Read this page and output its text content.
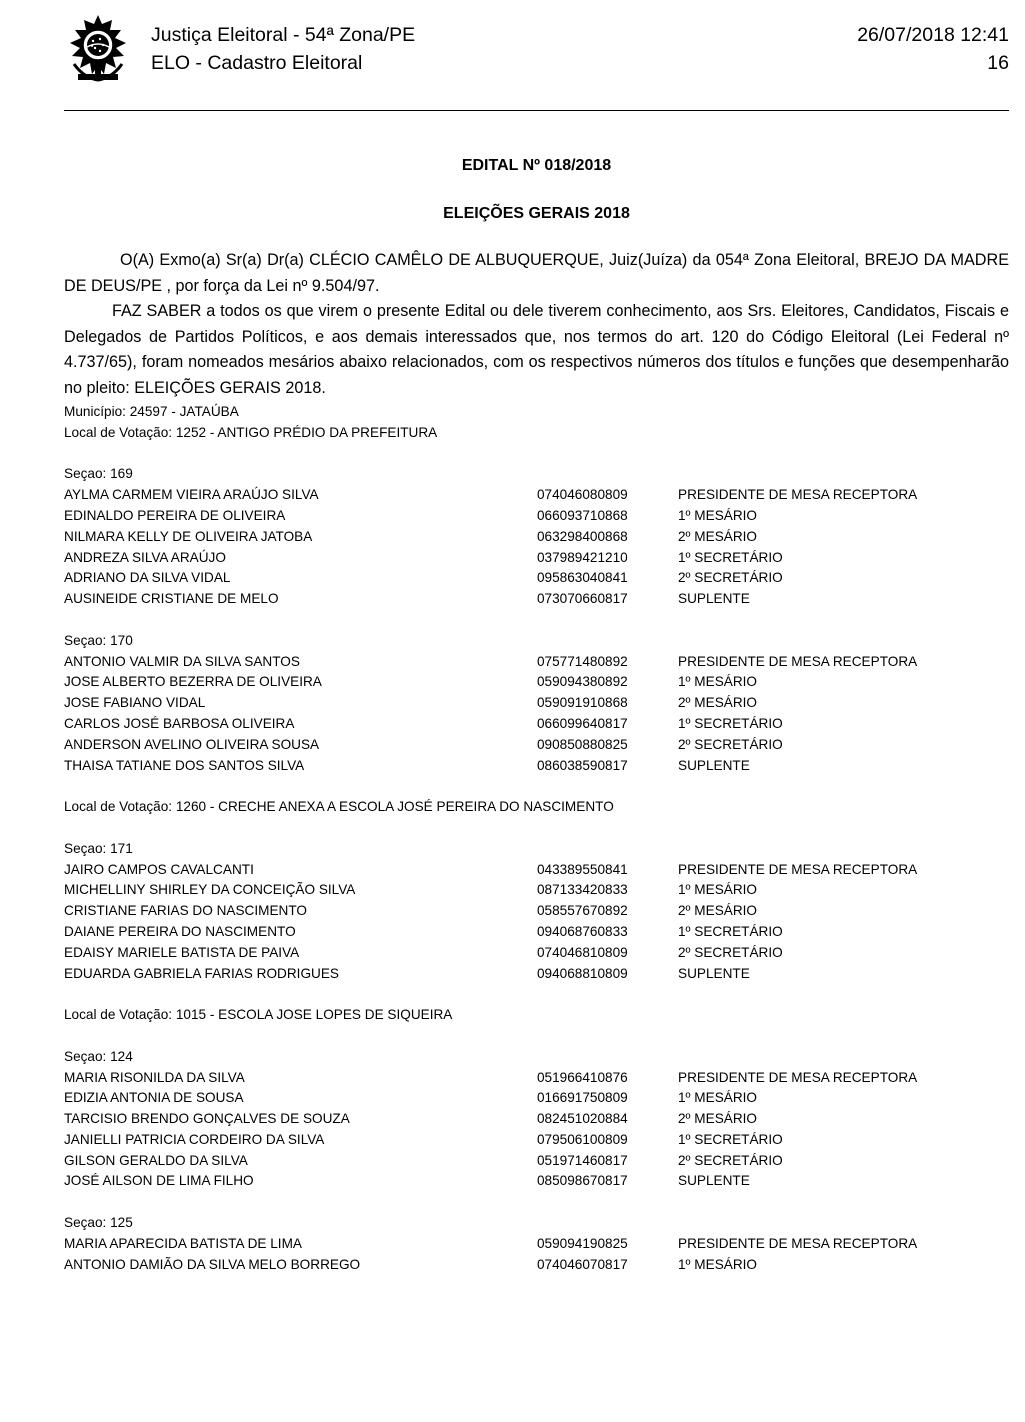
Justiça Eleitoral - 54ª Zona/PE
ELO - Cadastro Eleitoral
26/07/2018 12:41
16
EDITAL Nº 018/2018
ELEIÇÕES GERAIS 2018
O(A) Exmo(a) Sr(a) Dr(a) CLÉCIO CAMÊLO DE ALBUQUERQUE, Juiz(Juíza) da 054ª Zona Eleitoral, BREJO DA MADRE DE DEUS/PE , por força da Lei nº 9.504/97.
FAZ SABER a todos os que virem o presente Edital ou dele tiverem conhecimento, aos Srs. Eleitores, Candidatos, Fiscais e Delegados de Partidos Políticos, e aos demais interessados que, nos termos do art. 120 do Código Eleitoral (Lei Federal nº 4.737/65), foram nomeados mesários abaixo relacionados, com os respectivos números dos títulos e funções que desempenharão no pleito: ELEIÇÕES GERAIS 2018.
Município: 24597 - JATAÚBA
Local de Votação: 1252 - ANTIGO PRÉDIO DA PREFEITURA
Seçao: 169
AYLMA CARMEM VIEIRA ARAÚJO SILVA	074046080809	PRESIDENTE DE MESA RECEPTORA
EDINALDO PEREIRA DE OLIVEIRA	066093710868	1º MESÁRIO
NILMARA KELLY DE OLIVEIRA JATOBA	063298400868	2º MESÁRIO
ANDREZA SILVA ARAÚJO	037989421210	1º SECRETÁRIO
ADRIANO DA SILVA VIDAL	095863040841	2º SECRETÁRIO
AUSINEIDE CRISTIANE DE MELO	073070660817	SUPLENTE
Seçao: 170
ANTONIO VALMIR DA SILVA SANTOS	075771480892	PRESIDENTE DE MESA RECEPTORA
JOSE ALBERTO BEZERRA DE OLIVEIRA	059094380892	1º MESÁRIO
JOSE FABIANO VIDAL	059091910868	2º MESÁRIO
CARLOS JOSÉ BARBOSA OLIVEIRA	066099640817	1º SECRETÁRIO
ANDERSON AVELINO OLIVEIRA SOUSA	090850880825	2º SECRETÁRIO
THAISA TATIANE DOS SANTOS SILVA	086038590817	SUPLENTE
Local de Votação: 1260 - CRECHE ANEXA A ESCOLA JOSÉ PEREIRA DO NASCIMENTO
Seçao: 171
JAIRO CAMPOS CAVALCANTI	043389550841	PRESIDENTE DE MESA RECEPTORA
MICHELLINY SHIRLEY DA CONCEIÇÃO SILVA	087133420833	1º MESÁRIO
CRISTIANE FARIAS DO NASCIMENTO	058557670892	2º MESÁRIO
DAIANE PEREIRA DO NASCIMENTO	094068760833	1º SECRETÁRIO
EDAISY MARIELE BATISTA DE PAIVA	074046810809	2º SECRETÁRIO
EDUARDA GABRIELA FARIAS RODRIGUES	094068810809	SUPLENTE
Local de Votação: 1015 - ESCOLA JOSE LOPES DE SIQUEIRA
Seçao: 124
MARIA RISONILDA DA SILVA	051966410876	PRESIDENTE DE MESA RECEPTORA
EDIZIA ANTONIA DE SOUSA	016691750809	1º MESÁRIO
TARCISIO BRENDO GONÇALVES DE SOUZA	082451020884	2º MESÁRIO
JANIELLI PATRICIA CORDEIRO DA SILVA	079506100809	1º SECRETÁRIO
GILSON GERALDO DA SILVA	051971460817	2º SECRETÁRIO
JOSÉ AILSON DE LIMA FILHO	085098670817	SUPLENTE
Seçao: 125
MARIA APARECIDA BATISTA DE LIMA	059094190825	PRESIDENTE DE MESA RECEPTORA
ANTONIO DAMIÃO DA SILVA MELO BORREGO	074046070817	1º MESÁRIO
